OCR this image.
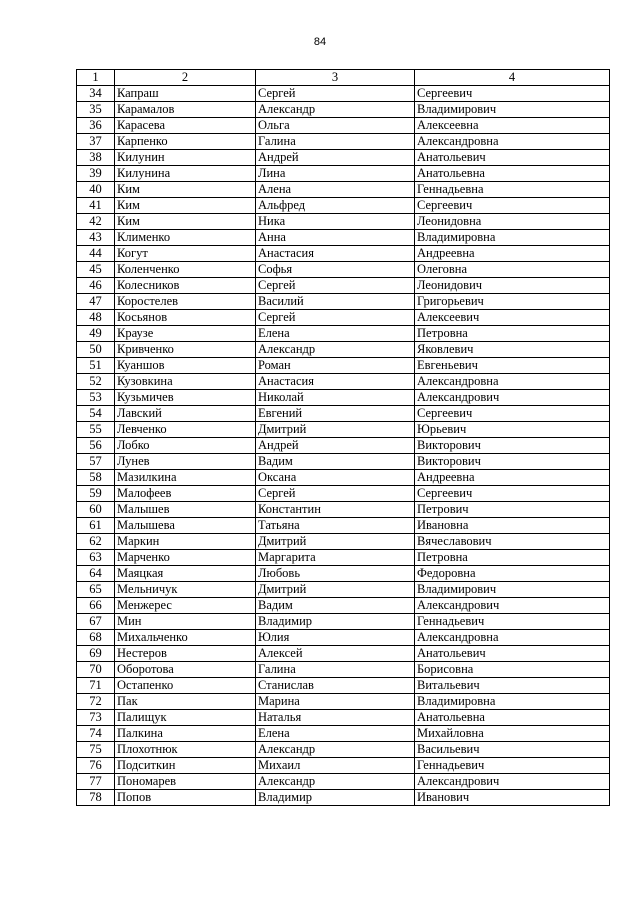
84
1	2	3	4
34	Капраш	Сергей	Сергеевич
35	Карамалов	Александр	Владимирович
36	Карасева	Ольга	Алексеевна
37	Карпенко	Галина	Александровна
38	Килунин	Андрей	Анатольевич
39	Килунина	Лина	Анатольевна
40	Ким	Алена	Геннадьевна
41	Ким	Альфред	Сергеевич
42	Ким	Ника	Леонидовна
43	Клименко	Анна	Владимировна
44	Когут	Анастасия	Андреевна
45	Коленченко	Софья	Олеговна
46	Колесников	Сергей	Леонидович
47	Коростелев	Василий	Григорьевич
48	Косьянов	Сергей	Алексеевич
49	Краузе	Елена	Петровна
50	Кривченко	Александр	Яковлевич
51	Куаншов	Роман	Евгеньевич
52	Кузовкина	Анастасия	Александровна
53	Кузьмичев	Николай	Александрович
54	Лавский	Евгений	Сергеевич
55	Левченко	Дмитрий	Юрьевич
56	Лобко	Андрей	Викторович
57	Лунев	Вадим	Викторович
58	Мазилкина	Оксана	Андреевна
59	Малофеев	Сергей	Сергеевич
60	Малышев	Константин	Петрович
61	Малышева	Татьяна	Ивановна
62	Маркин	Дмитрий	Вячеславович
63	Марченко	Маргарита	Петровна
64	Маяцкая	Любовь	Федоровна
65	Мельничук	Дмитрий	Владимирович
66	Менжерес	Вадим	Александрович
67	Мин	Владимир	Геннадьевич
68	Михальченко	Юлия	Александровна
69	Нестеров	Алексей	Анатольевич
70	Оборотова	Галина	Борисовна
71	Остапенко	Станислав	Витальевич
72	Пак	Марина	Владимировна
73	Палищук	Наталья	Анатольевна
74	Палкина	Елена	Михайловна
75	Плохотнюк	Александр	Васильевич
76	Подситкин	Михаил	Геннадьевич
77	Пономарев	Александр	Александрович
78	Попов	Владимир	Иванович
